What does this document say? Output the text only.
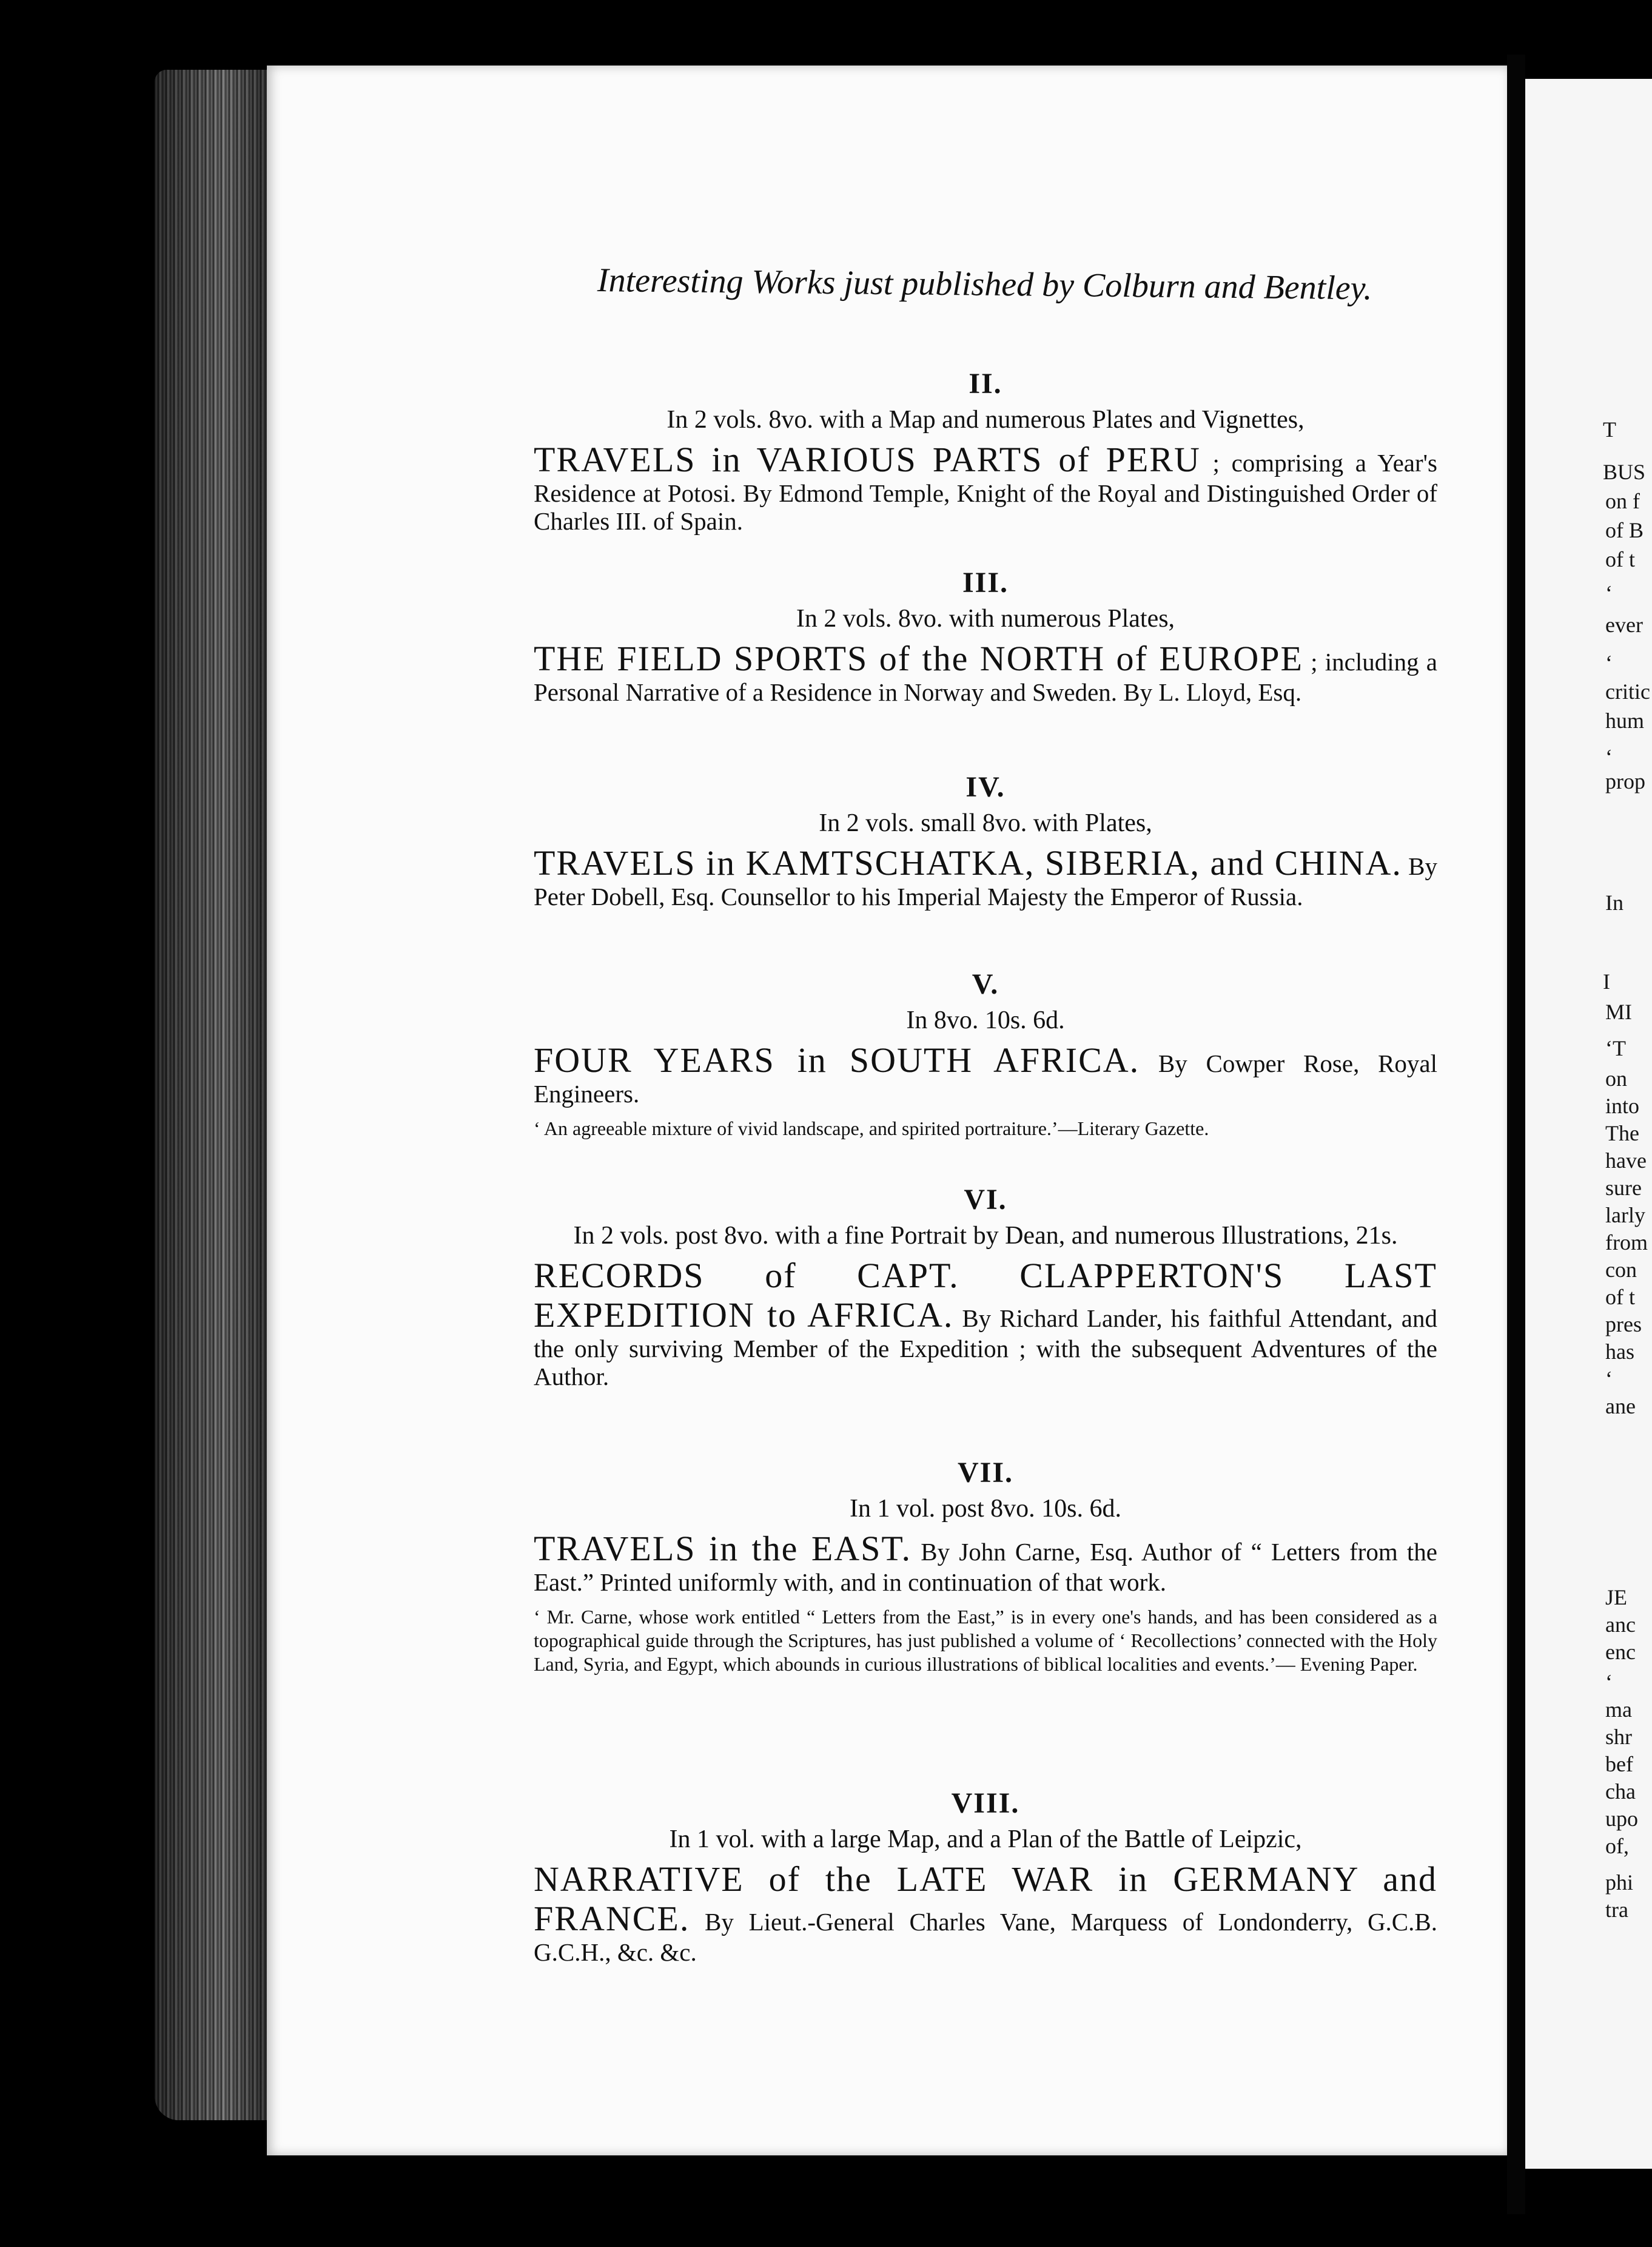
T
BUS
on f
of B
of t
‘
ever
‘
critic
hum
‘
prop
In
I
MI
‘T
on
into
The
have
sure
larly
from
con
of t
pres
has
‘
ane
JE
anc
enc
‘
ma
shr
bef
cha
upo
of,
phi
tra
Interesting Works just published by Colburn and Bentley.

II.

In 2 vols. 8vo. with a Map and numerous Plates and Vignettes,

TRAVELS in VARIOUS PARTS of PERU ; comprising a Year's Residence at Potosi. By Edmond Temple, Knight of the Royal and Distinguished Order of Charles III. of Spain.

III.

In 2 vols. 8vo. with numerous Plates,

THE FIELD SPORTS of the NORTH of EUROPE ; including a Personal Narrative of a Residence in Norway and Sweden. By L. Lloyd, Esq.

IV.

In 2 vols. small 8vo. with Plates,

TRAVELS in KAMTSCHATKA, SIBERIA, and CHINA. By Peter Dobell, Esq. Counsellor to his Imperial Majesty the Emperor of Russia.

V.

In 8vo. 10s. 6d.

FOUR YEARS in SOUTH AFRICA. By Cowper Rose, Royal Engineers.
‘ An agreeable mixture of vivid landscape, and spirited portraiture.’—Literary Gazette.

VI.

In 2 vols. post 8vo. with a fine Portrait by Dean, and numerous Illustrations, 21s.

RECORDS of CAPT. CLAPPERTON'S LAST EXPEDITION to AFRICA. By Richard Lander, his faithful Attendant, and the only surviving Member of the Expedition ; with the subsequent Adventures of the Author.

VII.

In 1 vol. post 8vo. 10s. 6d.

TRAVELS in the EAST. By John Carne, Esq. Author of “ Letters from the East.” Printed uniformly with, and in continuation of that work.
‘ Mr. Carne, whose work entitled “ Letters from the East,” is in every one's hands, and has been considered as a topographical guide through the Scriptures, has just published a volume of ‘ Recollections’ connected with the Holy Land, Syria, and Egypt, which abounds in curious illustrations of biblical localities and events.’— Evening Paper.

VIII.

In 1 vol. with a large Map, and a Plan of the Battle of Leipzic,

NARRATIVE of the LATE WAR in GERMANY and FRANCE. By Lieut.-General Charles Vane, Marquess of Londonderry, G.C.B. G.C.H., &c. &c.
